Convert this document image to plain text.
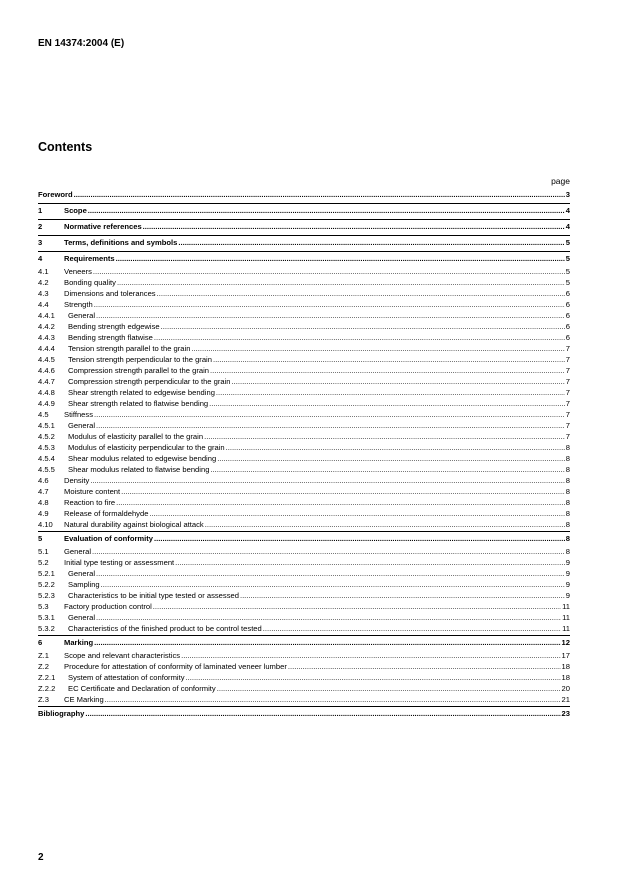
EN 14374:2004 (E)
Contents
page
Foreword .....	3
1	Scope .....	4
2	Normative references .....	4
3	Terms, definitions and symbols .....	5
4	Requirements .....	5
4.1	Veneers .....	5
4.2	Bonding quality .....	5
4.3	Dimensions and tolerances .....	6
4.4	Strength .....	6
4.4.1	General .....	6
4.4.2	Bending strength edgewise .....	6
4.4.3	Bending strength flatwise .....	6
4.4.4	Tension strength parallel to the grain .....	7
4.4.5	Tension strength perpendicular to the grain .....	7
4.4.6	Compression strength parallel to the grain .....	7
4.4.7	Compression strength perpendicular to the grain .....	7
4.4.8	Shear strength related to edgewise bending .....	7
4.4.9	Shear strength related to flatwise bending .....	7
4.5	Stiffness .....	7
4.5.1	General .....	7
4.5.2	Modulus of elasticity parallel to the grain .....	7
4.5.3	Modulus of elasticity perpendicular to the grain .....	8
4.5.4	Shear modulus related to edgewise bending .....	8
4.5.5	Shear modulus related to flatwise bending .....	8
4.6	Density .....	8
4.7	Moisture content .....	8
4.8	Reaction to fire .....	8
4.9	Release of formaldehyde .....	8
4.10	Natural durability against biological attack .....	8
5	Evaluation of conformity .....	8
5.1	General .....	8
5.2	Initial type testing or assessment .....	9
5.2.1	General .....	9
5.2.2	Sampling .....	9
5.2.3	Characteristics to be initial type tested or assessed .....	9
5.3	Factory production control .....	11
5.3.1	General .....	11
5.3.2	Characteristics of the finished product to be control tested .....	11
6	Marking .....	12
Z.1	Scope and relevant characteristics .....	17
Z.2	Procedure for attestation of conformity of laminated veneer lumber .....	18
Z.2.1	System of attestation of conformity .....	18
Z.2.2	EC Certificate and Declaration of conformity .....	20
Z.3	CE Marking .....	21
Bibliography .....	23
2
